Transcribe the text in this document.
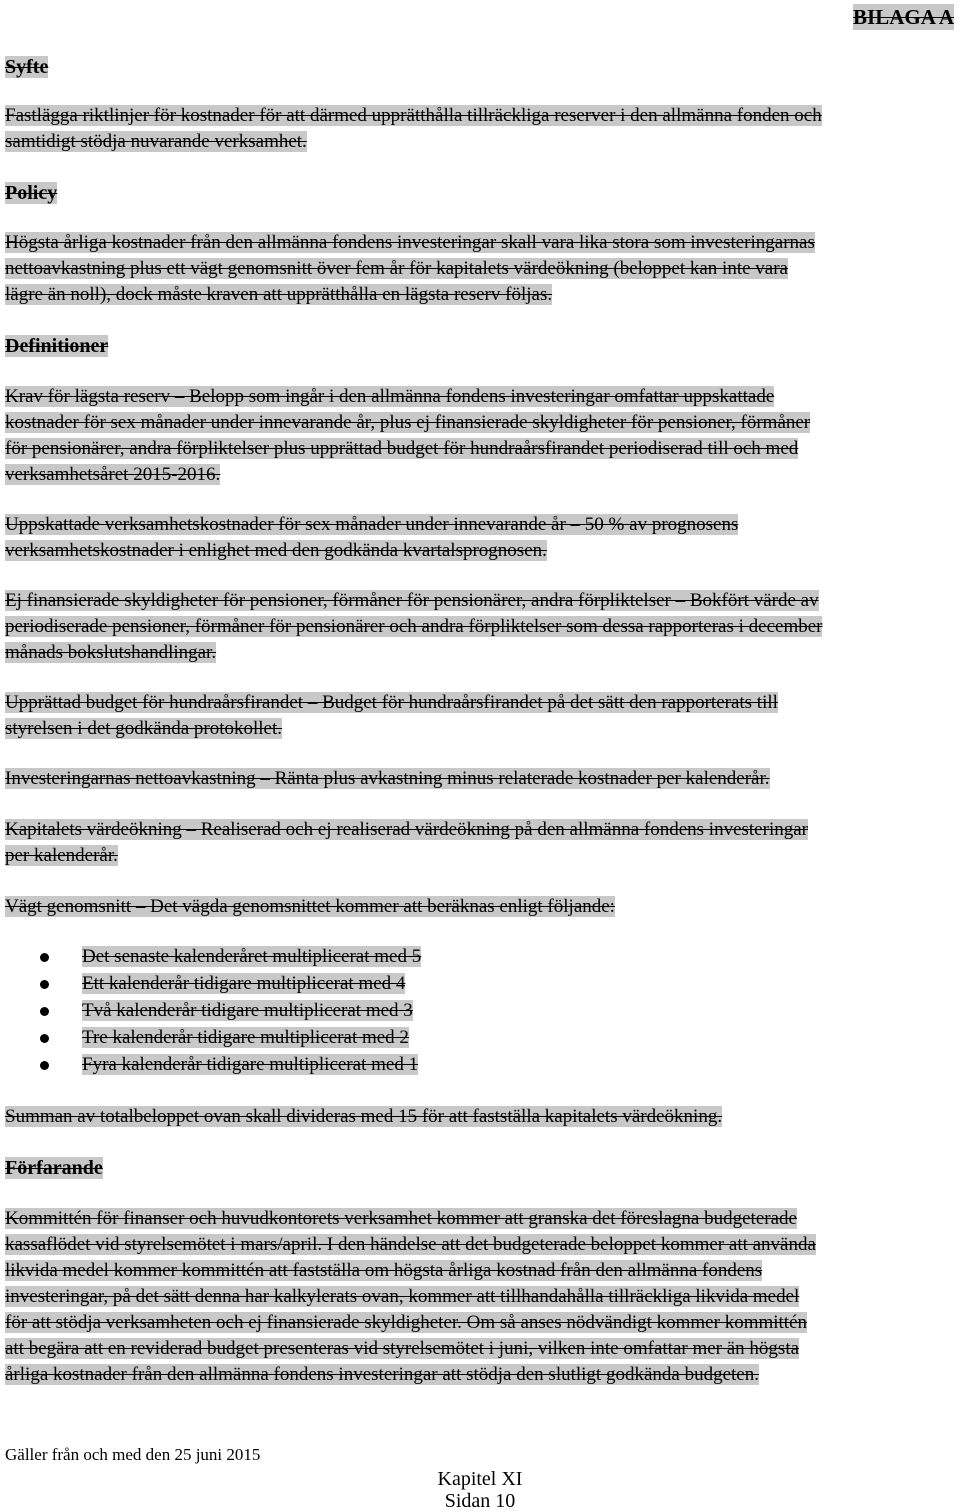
BILAGA A
Syfte
Fastlägga riktlinjer för kostnader för att därmed upprätthålla tillräckliga reserver i den allmänna fonden och
samtidigt stödja nuvarande verksamhet.
Policy
Högsta årliga kostnader från den allmänna fondens investeringar skall vara lika stora som investeringarnas
nettoavkastning plus ett vägt genomsnitt över fem år för kapitalets värdeökning (beloppet kan inte vara
lägre än noll), dock måste kraven att upprätthålla en lägsta reserv följas.
Definitioner
Krav för lägsta reserv – Belopp som ingår i den allmänna fondens investeringar omfattar uppskattade
kostnader för sex månader under innevarande år, plus ej finansierade skyldigheter för pensioner, förmåner
för pensionärer, andra förpliktelser plus upprättad budget för hundraårsfirandet periodiserad till och med
verksamhetsåret 2015-2016.
Uppskattade verksamhetskostnader för sex månader under innevarande år – 50 % av prognosens
verksamhetskostnader i enlighet med den godkända kvartalsprognosen.
Ej finansierade skyldigheter för pensioner, förmåner för pensionärer, andra förpliktelser – Bokfört värde av
periodiserade pensioner, förmåner för pensionärer och andra förpliktelser som dessa rapporteras i december
månads bokslutshandlingar.
Upprättad budget för hundraårsfirandet – Budget för hundraårsfirandet på det sätt den rapporterats till
styrelsen i det godkända protokollet.
Investeringarnas nettoavkastning – Ränta plus avkastning minus relaterade kostnader per kalenderår.
Kapitalets värdeökning – Realiserad och ej realiserad värdeökning på den allmänna fondens investeringar
per kalenderår.
Vägt genomsnitt – Det vägda genomsnittet kommer att beräknas enligt följande:
Det senaste kalenderåret multiplicerat med 5
Ett kalenderår tidigare multiplicerat med 4
Två kalenderår tidigare multiplicerat med 3
Tre kalenderår tidigare multiplicerat med 2
Fyra kalenderår tidigare multiplicerat med 1
Summan av totalbeloppet ovan skall divideras med 15 för att fastställa kapitalets värdeökning.
Förfarande
Kommittén för finanser och huvudkontorets verksamhet kommer att granska det föreslagna budgeterade
kassaflödet vid styrelsemötet i mars/april. I den händelse att det budgeterade beloppet kommer att använda
likvida medel kommer kommittén att fastställa om högsta årliga kostnad från den allmänna fondens
investeringar, på det sätt denna har kalkylerats ovan, kommer att tillhandahålla tillräckliga likvida medel
för att stödja verksamheten och ej finansierade skyldigheter. Om så anses nödvändigt kommer kommittén
att begära att en reviderad budget presenteras vid styrelsemötet i juni, vilken inte omfattar mer än högsta
årliga kostnader från den allmänna fondens investeringar att stödja den slutligt godkända budgeten.
Gäller från och med den 25 juni 2015
Kapitel XI
Sidan 10
